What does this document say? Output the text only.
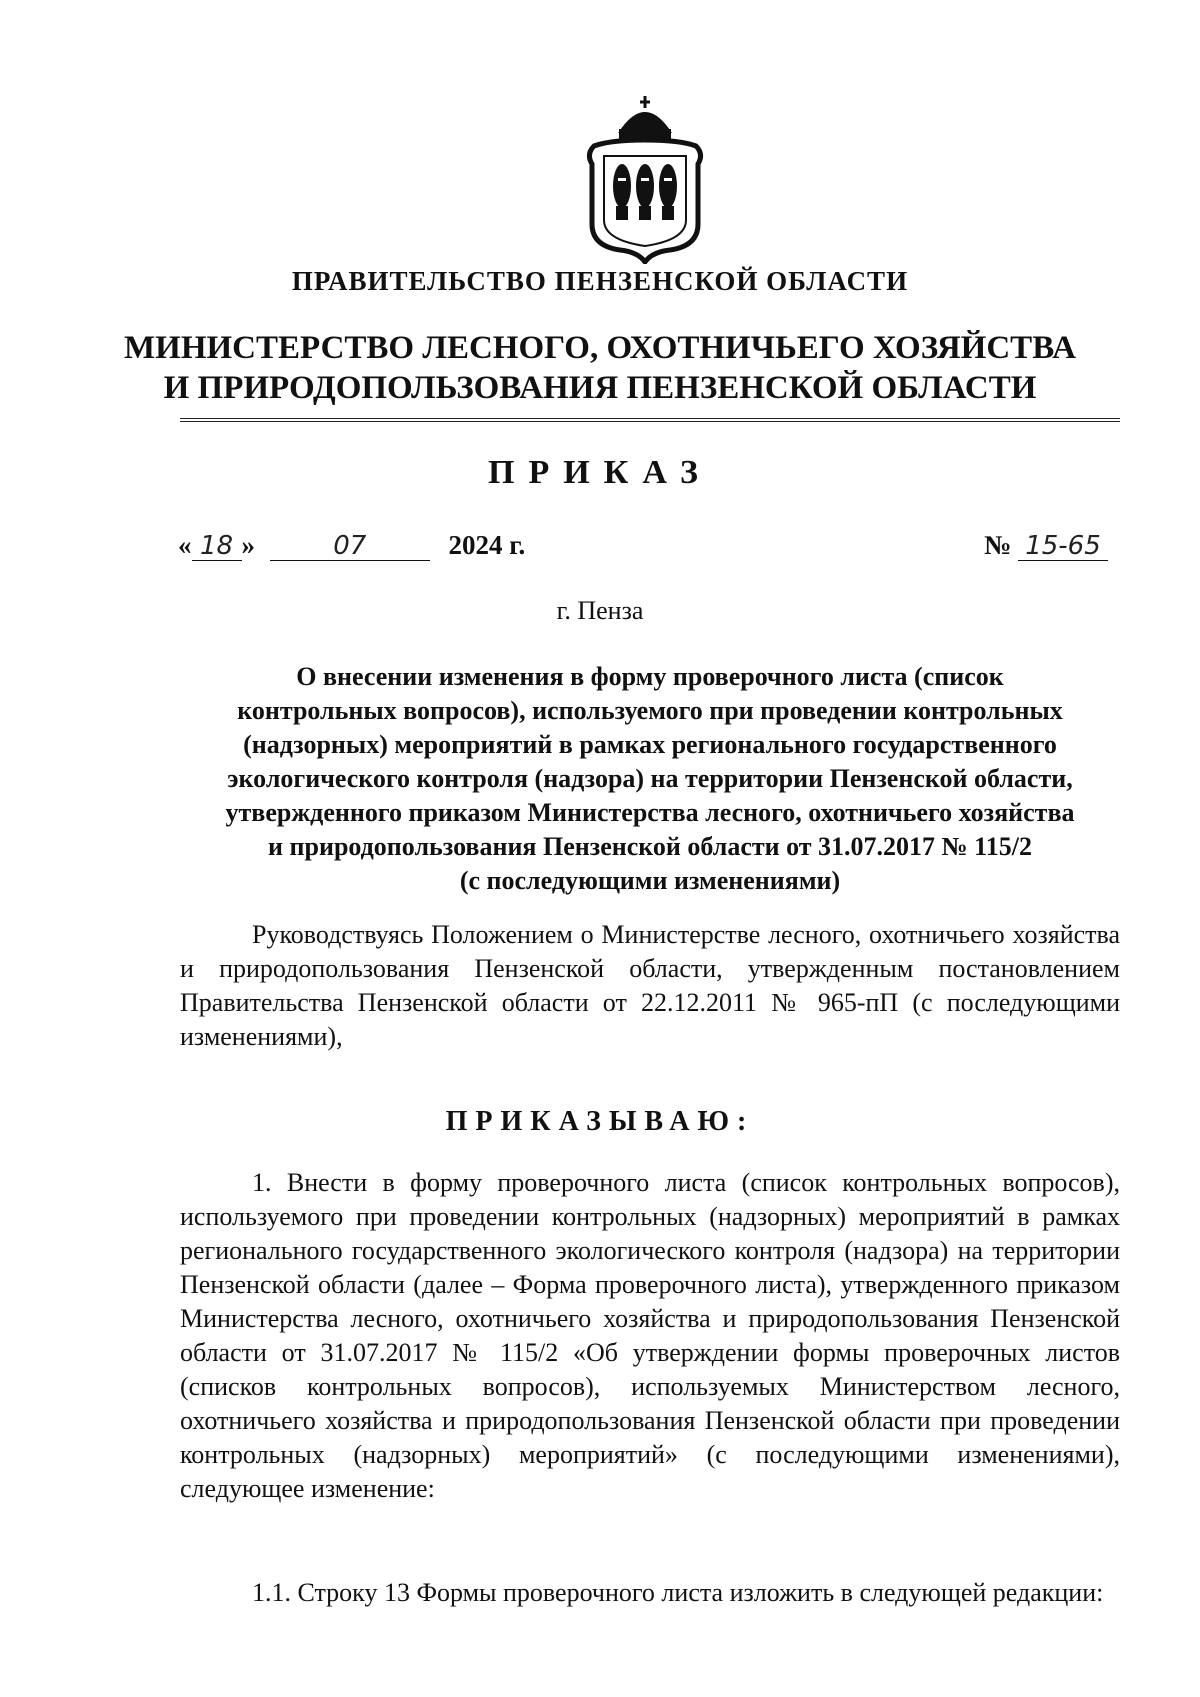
ПРАВИТЕЛЬСТВО ПЕНЗЕНСКОЙ ОБЛАСТИ
МИНИСТЕРСТВО ЛЕСНОГО, ОХОТНИЧЬЕГО ХОЗЯЙСТВА
И ПРИРОДОПОЛЬЗОВАНИЯ ПЕНЗЕНСКОЙ ОБЛАСТИ
ПРИКАЗ
« 18 »	07	2024 г.	№ 15-65
г. Пенза
О внесении изменения в форму проверочного листа (список
контрольных вопросов), используемого при проведении контрольных
(надзорных) мероприятий в рамках регионального государственного
экологического контроля (надзора) на территории Пензенской области,
утвержденного приказом Министерства лесного, охотничьего хозяйства
и природопользования Пензенской области от 31.07.2017 № 115/2
(с последующими изменениями)
Руководствуясь Положением о Министерстве лесного, охотничьего хозяйства и природопользования Пензенской области, утвержденным постановлением Правительства Пензенской области от 22.12.2011 № 965-пП (с последующими изменениями),
ПРИКАЗЫВАЮ:
1. Внести в форму проверочного листа (список контрольных вопросов), используемого при проведении контрольных (надзорных) мероприятий в рамках регионального государственного экологического контроля (надзора) на территории Пензенской области (далее – Форма проверочного листа), утвержденного приказом Министерства лесного, охотничьего хозяйства и природопользования Пензенской области от 31.07.2017 № 115/2 «Об утверждении формы проверочных листов (списков контрольных вопросов), используемых Министерством лесного, охотничьего хозяйства и природопользования Пензенской области при проведении контрольных (надзорных) мероприятий» (с последующими изменениями), следующее изменение:
1.1. Строку 13 Формы проверочного листа изложить в следующей редакции:
